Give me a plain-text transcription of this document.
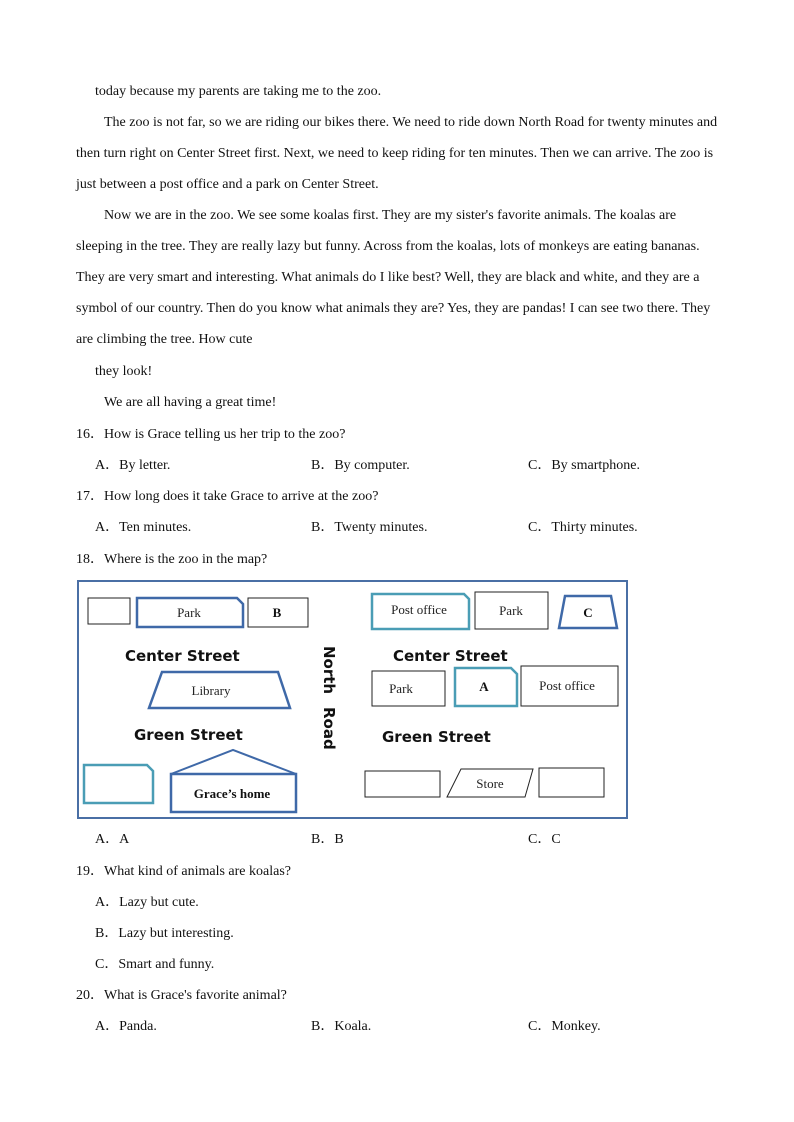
today because my parents are taking me to the zoo.
The zoo is not far, so we are riding our bikes there. We need to ride down North Road for twenty minutes and
then turn right on Center Street first. Next, we need to keep riding for ten minutes. Then we can arrive. The zoo is
just between a post office and a park on Center Street.
Now we are in the zoo. We see some koalas first. They are my sister's favorite animals. The koalas are
sleeping in the tree. They are really lazy but funny. Across from the koalas, lots of monkeys are eating bananas.
They are very smart and interesting. What animals do I like best? Well, they are black and white, and they are a
symbol of our country. Then do you know what animals they are? Yes, they are pandas! I can see two there. They
are climbing the tree. How cute
they look!
We are all having a great time!
16．How is Grace telling us her trip to the zoo?
A．By letter.	B．By computer.	C．By smartphone.
17．How long does it take Grace to arrive at the zoo?
A．Ten minutes.	B．Twenty minutes.	C．Thirty minutes.
18．Where is the zoo in the map?
Park	B	Post office	Park	C
Center Street	Center Street
North
Road
Library	Park	A	Post office
Green Street	Green Street
Grace’s home
Store
A．A	B．B	C．C
19．What kind of animals are koalas?
A．Lazy but cute.
B．Lazy but interesting.
C．Smart and funny.
20．What is Grace's favorite animal?
A．Panda.	B．Koala.	C．Monkey.
